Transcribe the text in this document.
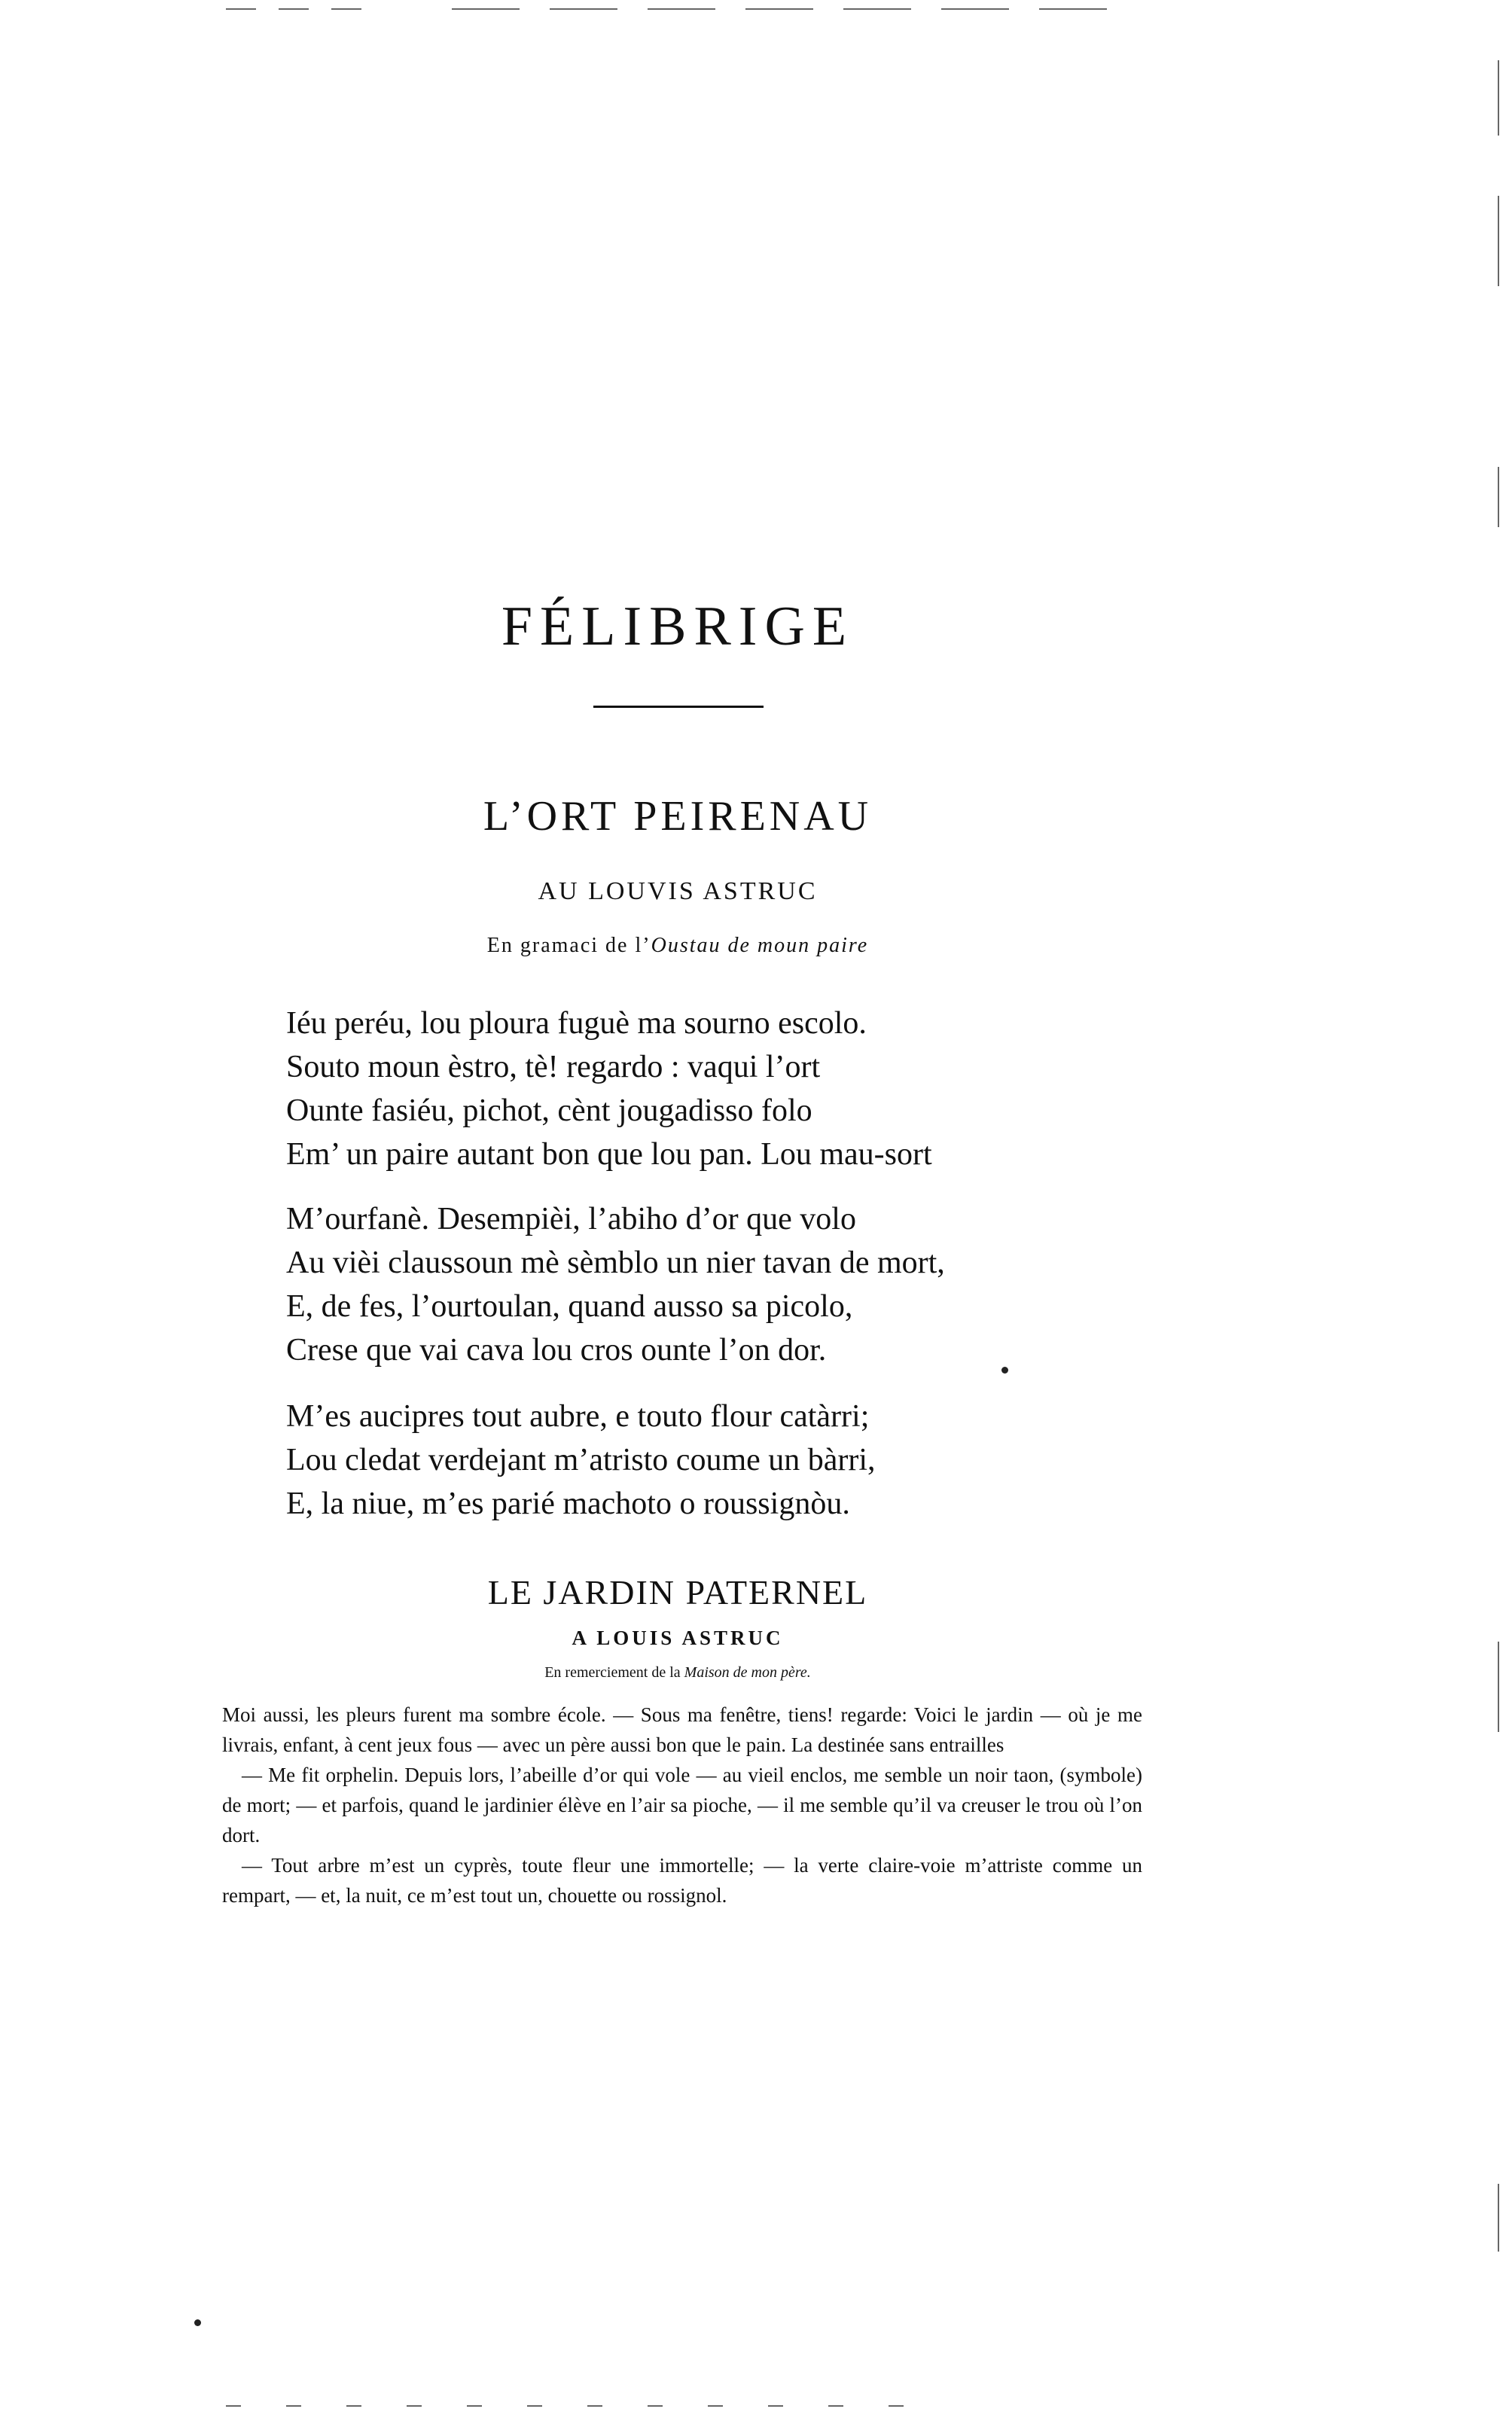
FÉLIBRIGE
L’ORT PEIRENAU
AU LOUVIS ASTRUC
En gramaci de l’Oustau de moun paire
Iéu peréu, lou ploura fuguè ma sourno escolo.
Souto moun èstro, tè! regardo : vaqui l’ort
Ounte fasiéu, pichot, cènt jougadisso folo
Em’ un paire autant bon que lou pan. Lou mau-sort
M’ourfanè. Desempièi, l’abiho d’or que volo
Au vièi claussoun mè sèmblo un nier tavan de mort,
E, de fes, l’ourtoulan, quand ausso sa picolo,
Crese que vai cava lou cros ounte l’on dor.
M’es aucipres tout aubre, e touto flour catàrri;
Lou cledat verdejant m’atristo coume un bàrri,
E, la niue, m’es parié machoto o roussignòu.
LE JARDIN PATERNEL
A LOUIS ASTRUC
En remerciement de la Maison de mon père.

Moi aussi, les pleurs furent ma sombre école. — Sous ma fenêtre, tiens! regarde: Voici le jardin — où je me livrais, enfant, à cent jeux fous — avec un père aussi bon que le pain. La destinée sans entrailles

— Me fit orphelin. Depuis lors, l’abeille d’or qui vole — au vieil enclos, me semble un noir taon, (symbole) de mort; — et parfois, quand le jardinier élève en l’air sa pioche, — il me semble qu’il va creuser le trou où l’on dort.

— Tout arbre m’est un cyprès, toute fleur une immortelle; — la verte claire-voie m’attriste comme un rempart, — et, la nuit, ce m’est tout un, chouette ou rossignol.
